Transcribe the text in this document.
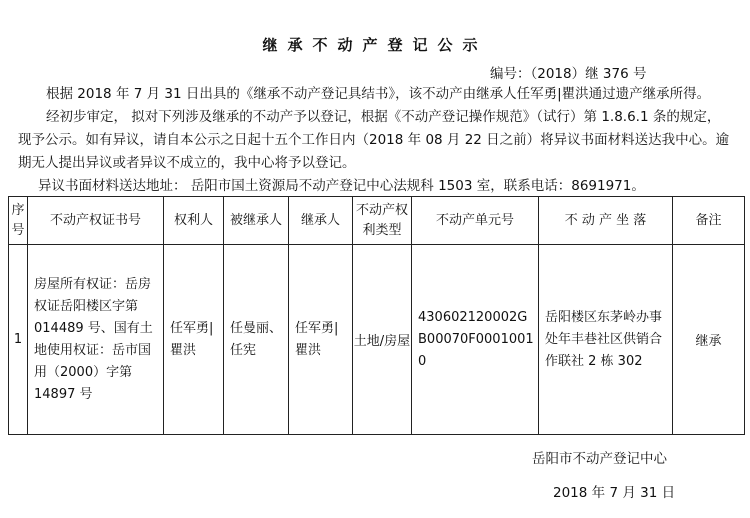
继承不动产登记公示
编号：（2018）继 376 号
根据 2018 年 7 月 31 日出具的《继承不动产登记具结书》，该不动产由继承人任军勇|瞿洪通过遗产继承所得。
经初步审定， 拟对下列涉及继承的不动产予以登记，根据《不动产登记操作规范》（试行）第 1.8.6.1 条的规定，
现予公示。如有异议，请自本公示之日起十五个工作日内（2018 年 08 月 22 日之前）将异议书面材料送达我中心。逾
期无人提出异议或者异议不成立的，我中心将予以登记。
异议书面材料送达地址： 岳阳市国土资源局不动产登记中心法规科 1503 室，联系电话：8691971。
序号	不动产权证书号	权利人	被继承人	继承人	不动产权利类型	不动产单元号	不 动 产 坐 落	备注
1	房屋所有权证：岳房权证岳阳楼区字第 014489 号、国有土地使用权证：岳市国用（2000）字第 14897 号	任军勇|瞿洪	任曼丽、任宪	任军勇|瞿洪	土地/房屋	430602120002GB00070F00010010	岳阳楼区东茅岭办事处年丰巷社区供销合作联社 2 栋 302	继承
岳阳市不动产登记中心
2018 年 7 月 31 日
